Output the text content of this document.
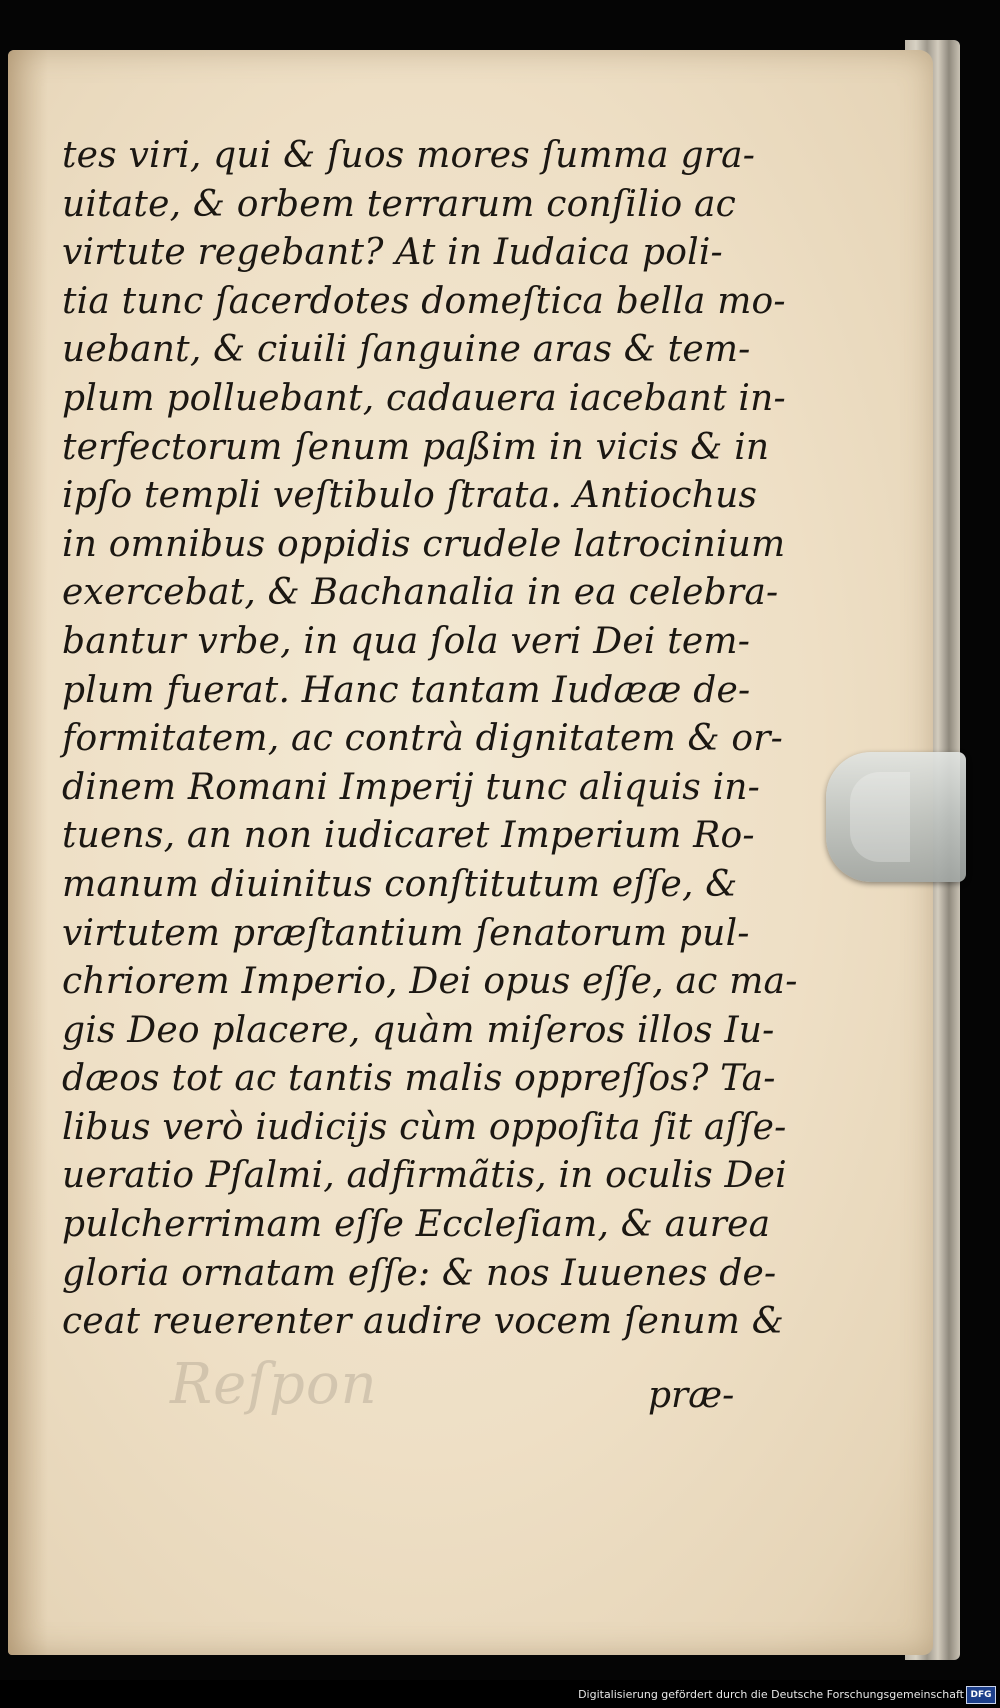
Reſpon
tes viri, qui & ſuos mores ſumma gra-
uitate, & orbem terrarum conſilio ac
virtute regebant? At in Iudaica poli-
tia tunc ſacerdotes domeſtica bella mo-
uebant, & ciuili ſanguine aras & tem-
plum polluebant, cadauera iacebant in-
terfectorum ſenum paßim in vicis & in
ipſo templi veſtibulo ſtrata. Antiochus
in omnibus oppidis crudele latrocinium
exercebat, & Bachanalia in ea celebra-
bantur vrbe, in qua ſola veri Dei tem-
plum fuerat. Hanc tantam Iudææ de-
formitatem, ac contrà dignitatem & or-
dinem Romani Imperij tunc aliquis in-
tuens, an non iudicaret Imperium Ro-
manum diuinitus conſtitutum eſſe, &
virtutem præſtantium ſenatorum pul-
chriorem Imperio, Dei opus eſſe, ac ma-
gis Deo placere, quàm miſeros illos Iu-
dæos tot ac tantis malis oppreſſos? Ta-
libus verò iudicijs cùm oppoſita ſit aſſe-
ueratio Pſalmi, adfirmãtis, in oculis Dei
pulcherrimam eſſe Eccleſiam, & aurea
gloria ornatam eſſe: & nos Iuuenes de-
ceat reuerenter audire vocem ſenum &
præ-
Digitalisierung gefördert durch die Deutsche Forschungsgemeinschaft DFG
